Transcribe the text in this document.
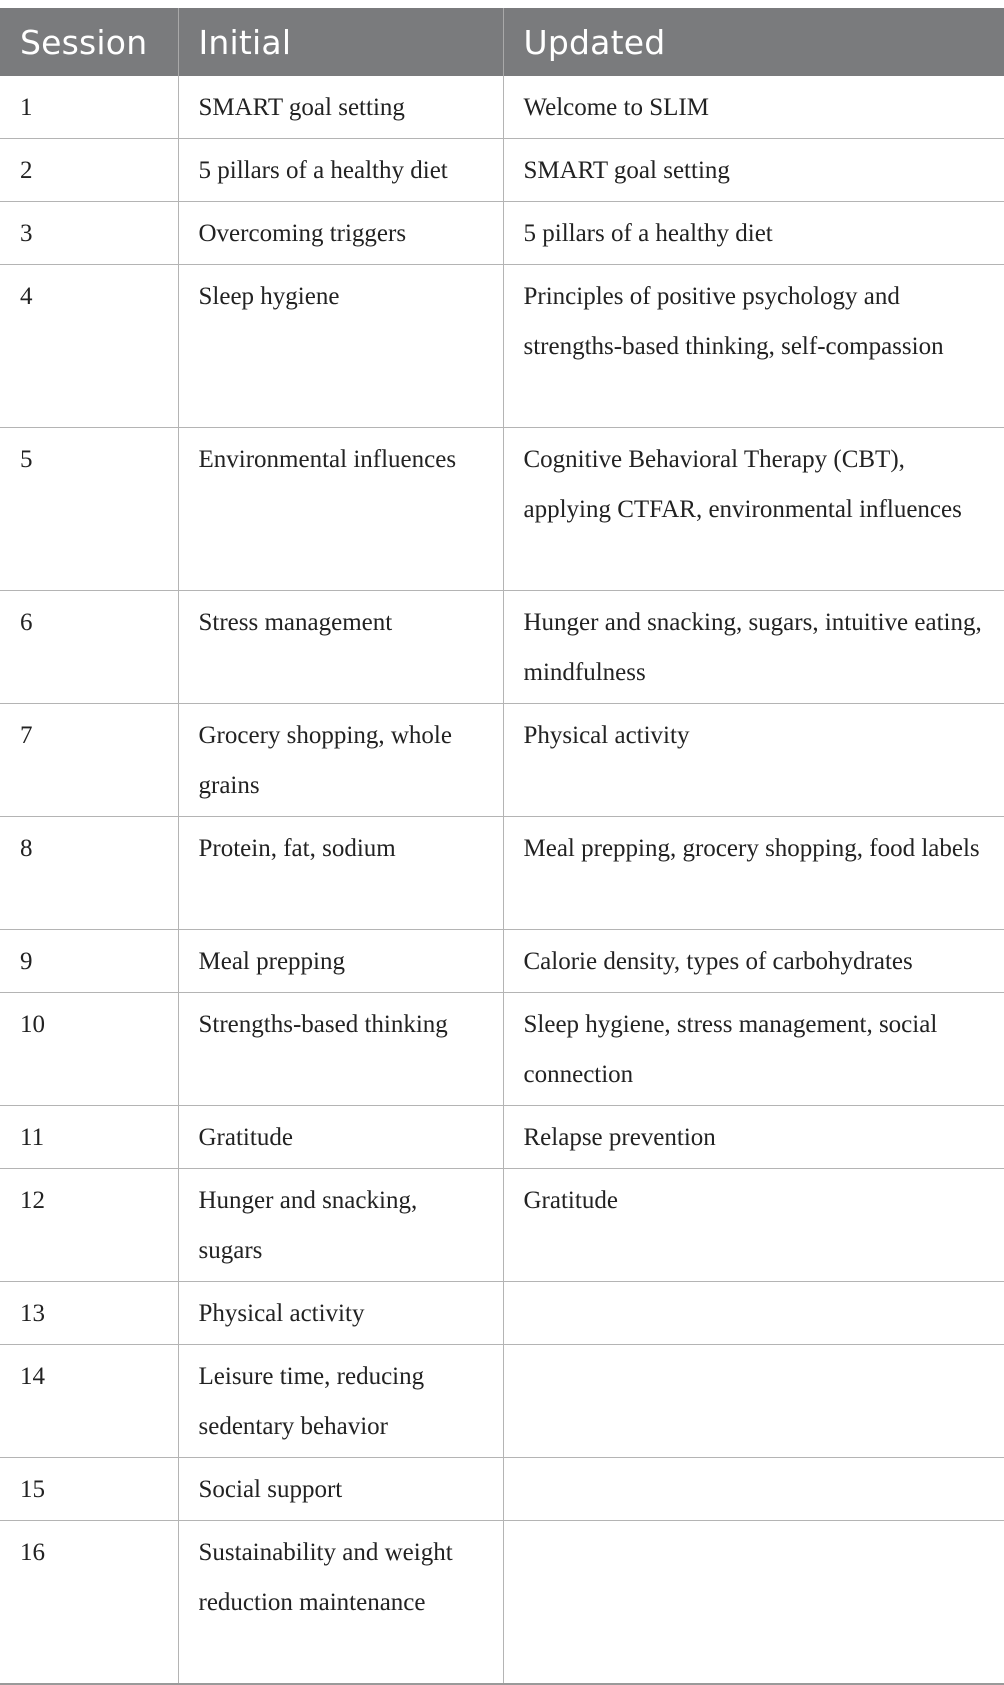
Session	Initial	Updated
1	SMART goal setting	Welcome to SLIM
2	5 pillars of a healthy diet	SMART goal setting
3	Overcoming triggers	5 pillars of a healthy diet
4	Sleep hygiene	Principles of positive psychology and strengths-based thinking, self-compassion
5	Environmental influences	Cognitive Behavioral Therapy (CBT), applying CTFAR, environmental influences
6	Stress management	Hunger and snacking, sugars, intuitive eating, mindfulness
7	Grocery shopping, whole grains	Physical activity
8	Protein, fat, sodium	Meal prepping, grocery shopping, food labels
9	Meal prepping	Calorie density, types of carbohydrates
10	Strengths-based thinking	Sleep hygiene, stress management, social connection
11	Gratitude	Relapse prevention
12	Hunger and snacking, sugars	Gratitude
13	Physical activity	
14	Leisure time, reducing sedentary behavior	
15	Social support	
16	Sustainability and weight reduction maintenance	
